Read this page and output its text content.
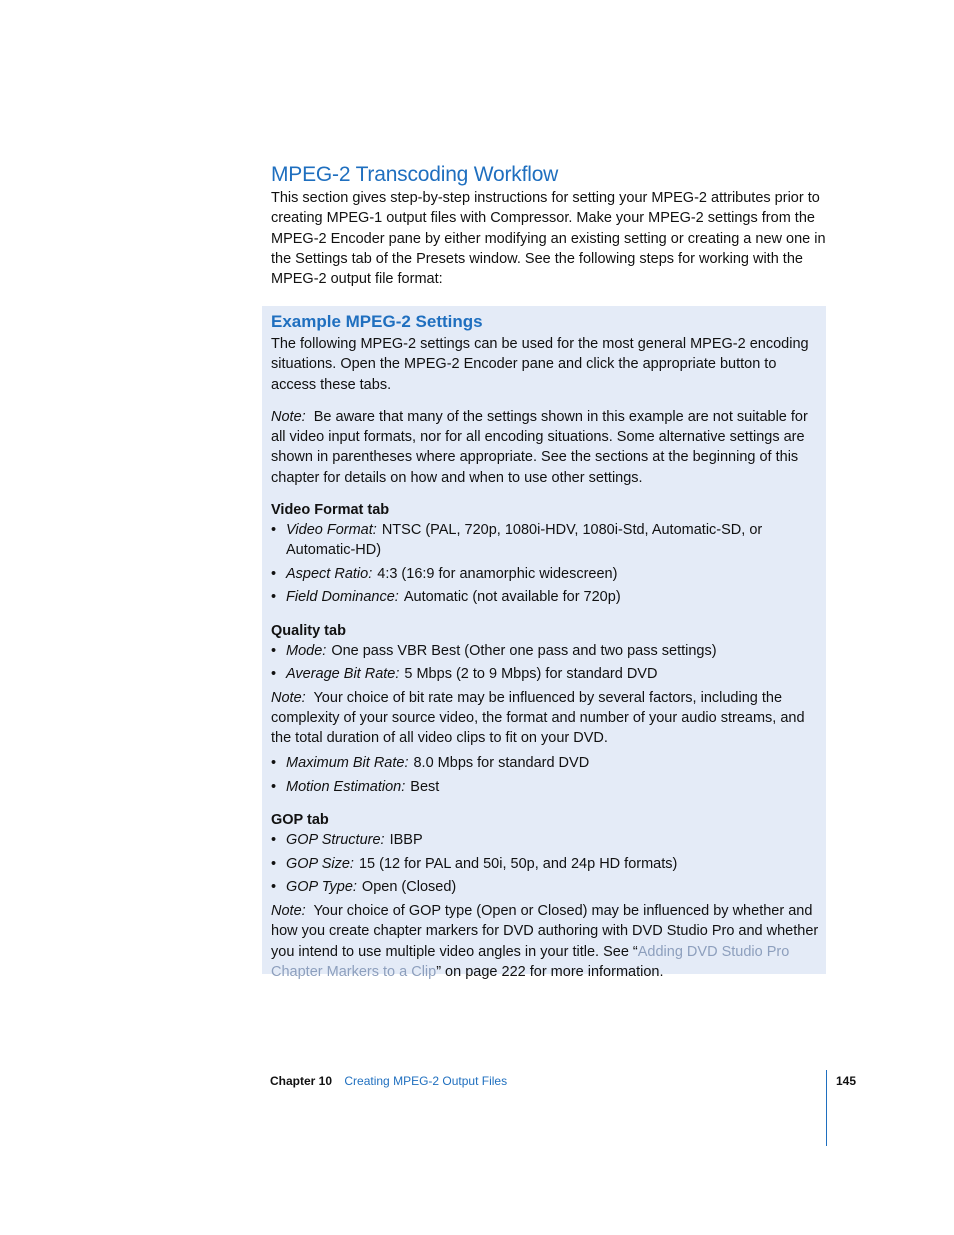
MPEG-2 Transcoding Workflow

This section gives step-by-step instructions for setting your MPEG-2 attributes prior to creating MPEG-1 output files with Compressor. Make your MPEG-2 settings from the MPEG-2 Encoder pane by either modifying an existing setting or creating a new one in the Settings tab of the Presets window. See the following steps for working with the MPEG-2 output file format:

Example MPEG-2 Settings

The following MPEG-2 settings can be used for the most general MPEG-2 encoding situations. Open the MPEG-2 Encoder pane and click the appropriate button to access these tabs.

Note: Be aware that many of the settings shown in this example are not suitable for all video input formats, nor for all encoding situations. Some alternative settings are shown in parentheses where appropriate. See the sections at the beginning of this chapter for details on how and when to use other settings.

Video Format tab
• Video Format: NTSC (PAL, 720p, 1080i-HDV, 1080i-Std, Automatic-SD, or Automatic-HD)
• Aspect Ratio: 4:3 (16:9 for anamorphic widescreen)
• Field Dominance: Automatic (not available for 720p)
Quality tab
• Mode: One pass VBR Best (Other one pass and two pass settings)
• Average Bit Rate: 5 Mbps (2 to 9 Mbps) for standard DVD

Note: Your choice of bit rate may be influenced by several factors, including the complexity of your source video, the format and number of your audio streams, and the total duration of all video clips to fit on your DVD.

• Maximum Bit Rate: 8.0 Mbps for standard DVD
• Motion Estimation: Best
GOP tab
• GOP Structure: IBBP
• GOP Size: 15 (12 for PAL and 50i, 50p, and 24p HD formats)
• GOP Type: Open (Closed)

Note: Your choice of GOP type (Open or Closed) may be influenced by whether and how you create chapter markers for DVD authoring with DVD Studio Pro and whether you intend to use multiple video angles in your title. See “Adding DVD Studio Pro Chapter Markers to a Clip” on page 222 for more information.

Chapter 10 Creating MPEG-2 Output Files	145
